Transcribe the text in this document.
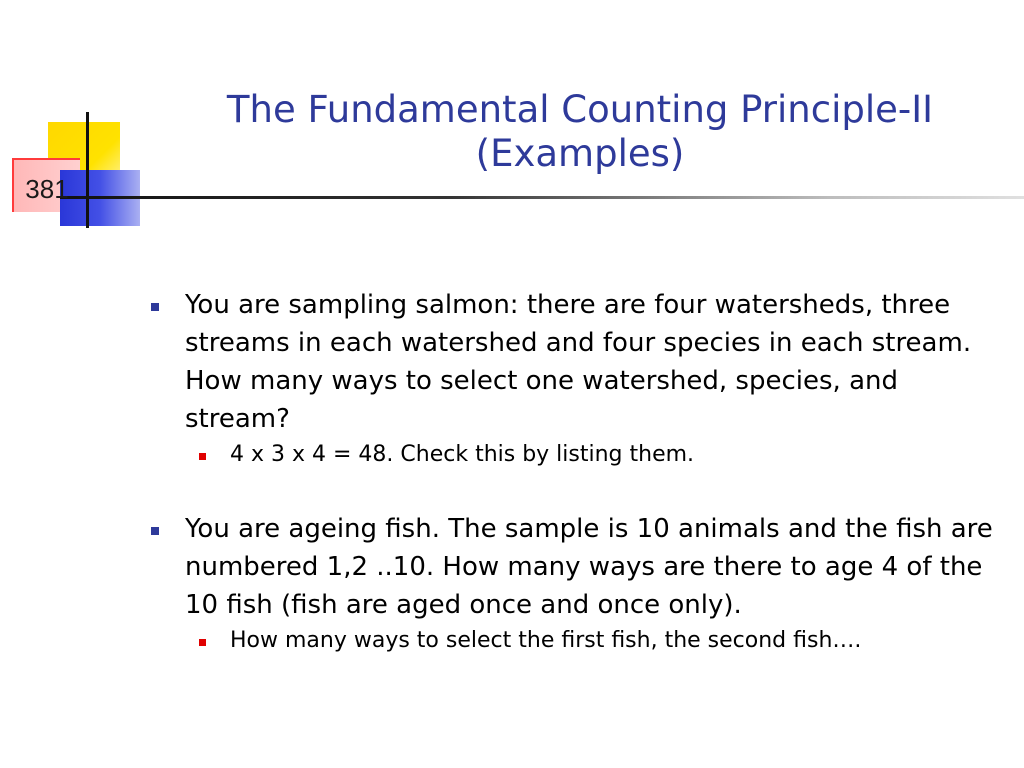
381
The Fundamental Counting Principle-II
(Examples)
You are sampling salmon: there are four watersheds, three streams in each watershed and four species in each stream. How many ways to select one watershed, species, and stream?
4 x 3 x 4 = 48. Check this by listing them.
You are ageing fish. The sample is 10 animals and the fish are numbered 1,2 ..10. How many ways are there to age 4 of the 10 fish (fish are aged once and once only).
How many ways to select the first fish, the second fish….
